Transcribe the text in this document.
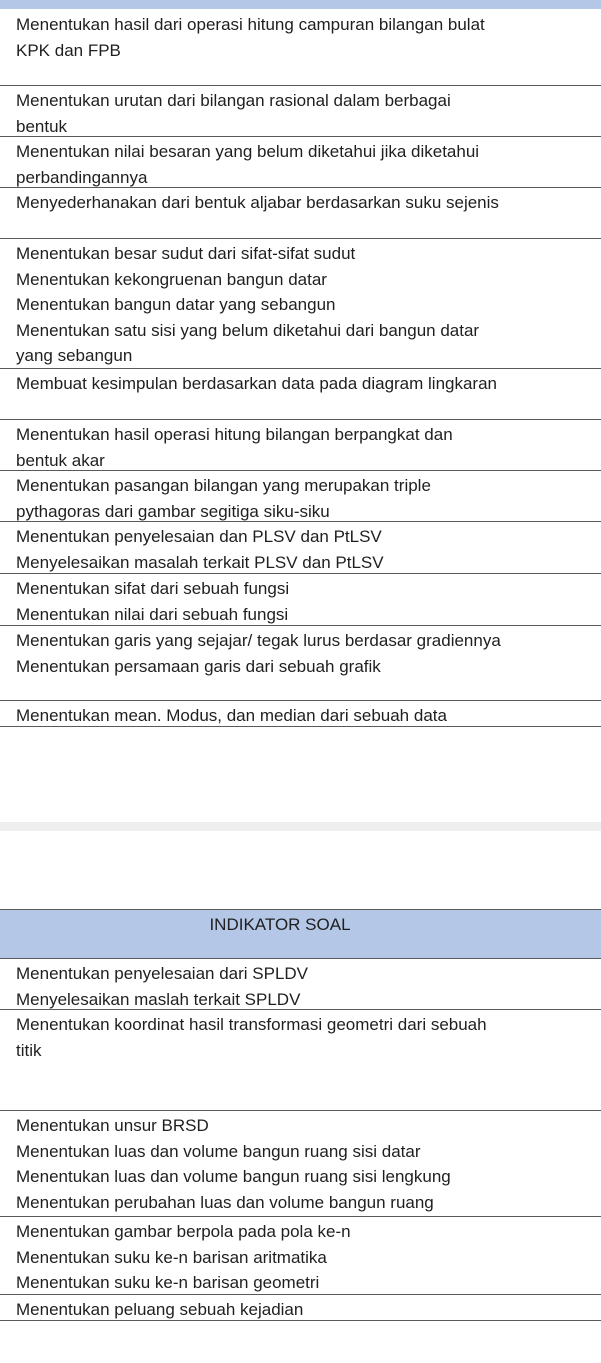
Menentukan hasil dari operasi hitung campuran bilangan bulat
KPK dan FPB
Menentukan urutan dari bilangan rasional dalam berbagai
bentuk
Menentukan nilai besaran yang belum diketahui jika diketahui
perbandingannya
Menyederhanakan dari bentuk aljabar berdasarkan suku sejenis
Menentukan besar sudut dari sifat-sifat sudut
Menentukan kekongruenan bangun datar
Menentukan bangun datar yang sebangun
Menentukan satu sisi yang belum diketahui dari bangun datar
yang sebangun
Membuat kesimpulan berdasarkan data pada diagram lingkaran
Menentukan hasil operasi hitung bilangan berpangkat dan
bentuk akar
Menentukan pasangan bilangan yang merupakan triple
pythagoras dari gambar segitiga siku-siku
Menentukan penyelesaian dan PLSV dan PtLSV
Menyelesaikan masalah terkait PLSV dan PtLSV
Menentukan sifat dari sebuah fungsi
Menentukan nilai dari sebuah fungsi
Menentukan garis yang sejajar/ tegak lurus berdasar gradiennya
Menentukan persamaan garis dari sebuah grafik
Menentukan mean. Modus, dan median dari sebuah data
INDIKATOR SOAL
Menentukan penyelesaian dari SPLDV
Menyelesaikan maslah terkait SPLDV
Menentukan koordinat hasil transformasi geometri dari sebuah
titik
Menentukan unsur BRSD
Menentukan luas dan volume bangun ruang sisi datar
Menentukan luas dan volume bangun ruang sisi lengkung
Menentukan perubahan luas dan volume bangun ruang
Menentukan gambar berpola pada pola ke-n
Menentukan suku ke-n barisan aritmatika
Menentukan suku ke-n barisan geometri
Menentukan peluang sebuah kejadian
